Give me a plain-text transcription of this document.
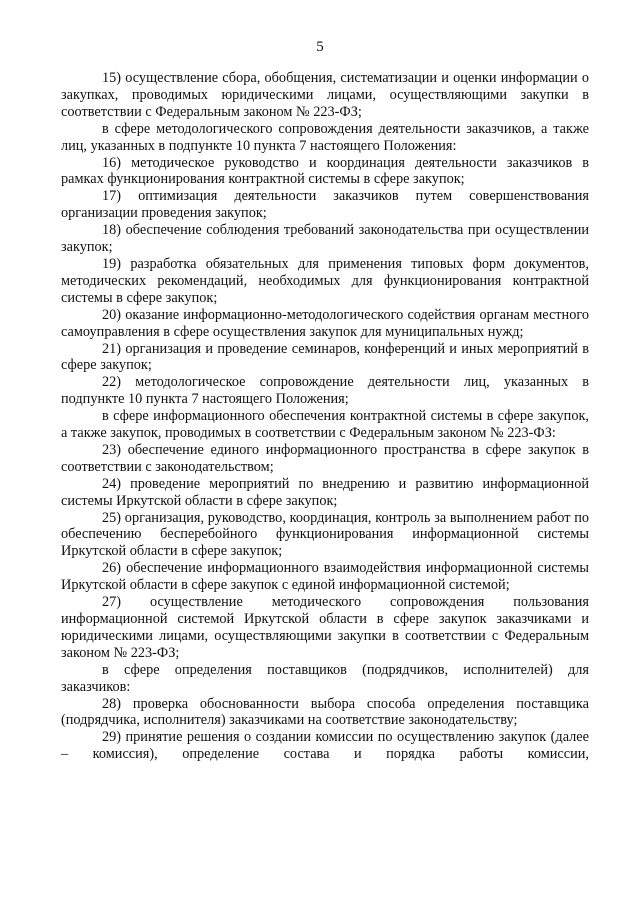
5

15) осуществление сбора, обобщения, систематизации и оценки информации о закупках, проводимых юридическими лицами, осуществляющими закупки в соответствии с Федеральным законом № 223-ФЗ;

в сфере методологического сопровождения деятельности заказчиков, а также лиц, указанных в подпункте 10 пункта 7 настоящего Положения:

16) методическое руководство и координация деятельности заказчиков в рамках функционирования контрактной системы в сфере закупок;

17) оптимизация деятельности заказчиков путем совершенствования организации проведения закупок;

18) обеспечение соблюдения требований законодательства при осуществлении закупок;

19) разработка обязательных для применения типовых форм документов, методических рекомендаций, необходимых для функционирования контрактной системы в сфере закупок;

20) оказание информационно-методологического содействия органам местного самоуправления в сфере осуществления закупок для муниципальных нужд;

21) организация и проведение семинаров, конференций и иных мероприятий в сфере закупок;

22) методологическое сопровождение деятельности лиц, указанных в подпункте 10 пункта 7 настоящего Положения;

в сфере информационного обеспечения контрактной системы в сфере закупок, а также закупок, проводимых в соответствии с Федеральным законом № 223-ФЗ:

23) обеспечение единого информационного пространства в сфере закупок в соответствии с законодательством;

24) проведение мероприятий по внедрению и развитию информационной системы Иркутской области в сфере закупок;

25) организация, руководство, координация, контроль за выполнением работ по обеспечению бесперебойного функционирования информационной системы Иркутской области в сфере закупок;

26) обеспечение информационного взаимодействия информационной системы Иркутской области в сфере закупок с единой информационной системой;

27) осуществление методического сопровождения пользования информационной системой Иркутской области в сфере закупок заказчиками и юридическими лицами, осуществляющими закупки в соответствии с Федеральным законом № 223-ФЗ;

в сфере определения поставщиков (подрядчиков, исполнителей) для заказчиков:

28) проверка обоснованности выбора способа определения поставщика (подрядчика, исполнителя) заказчиками на соответствие законодательству;

29) принятие решения о создании комиссии по осуществлению закупок (далее – комиссия), определение состава и порядка работы комиссии,
